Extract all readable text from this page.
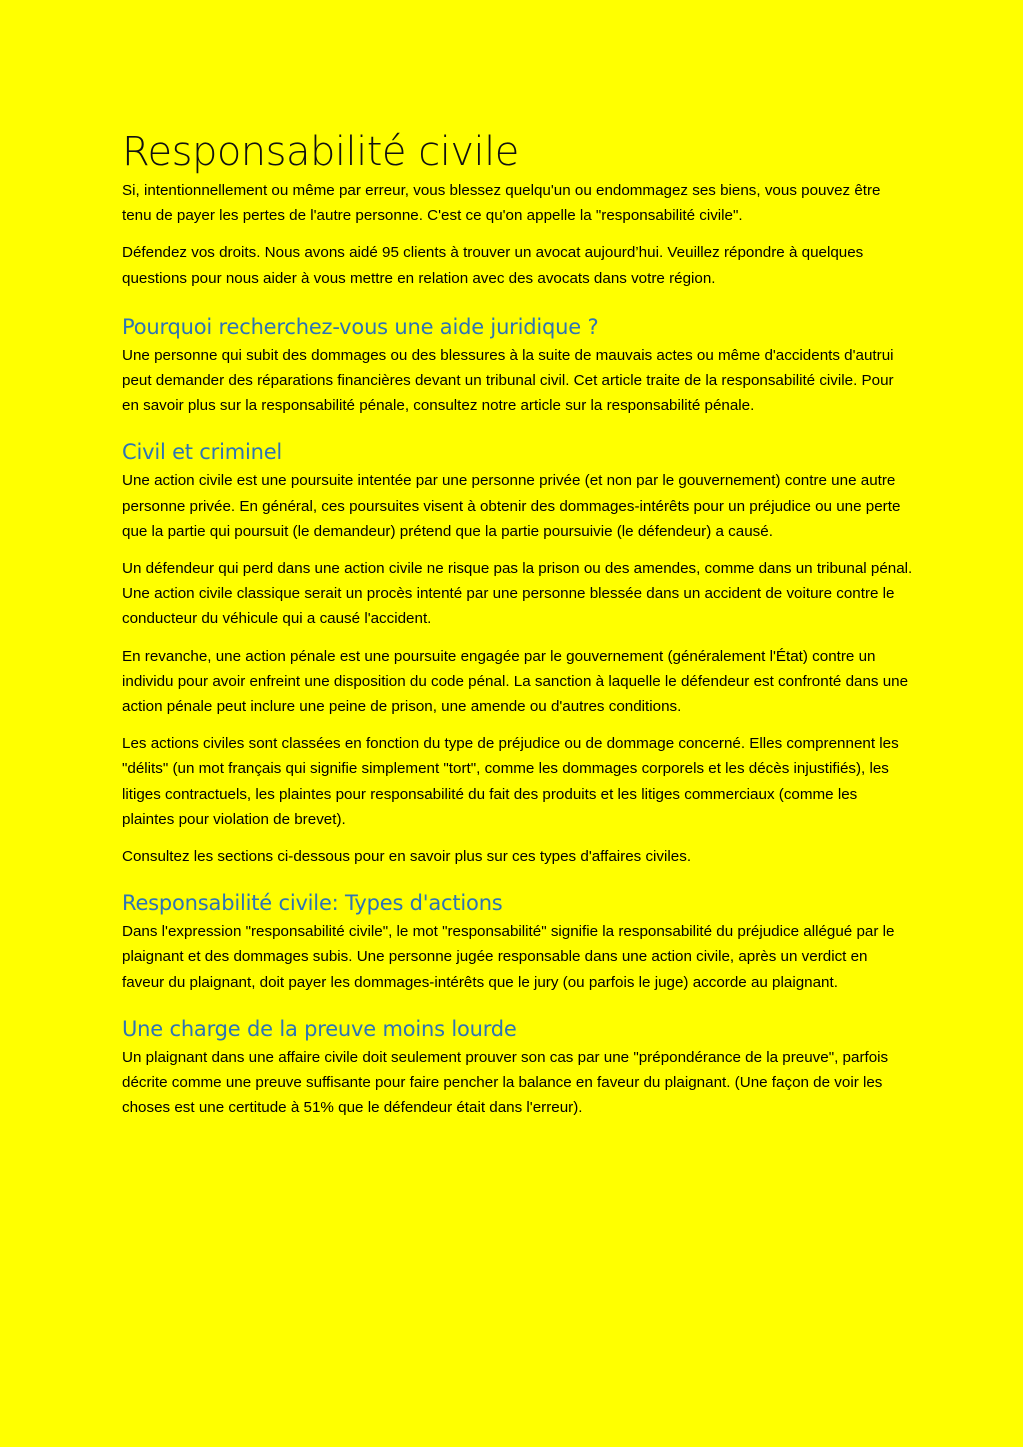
Responsabilité civile

Si, intentionnellement ou même par erreur, vous blessez quelqu'un ou endommagez ses biens, vous pouvez être tenu de payer les pertes de l'autre personne. C'est ce qu'on appelle la "responsabilité civile".

Défendez vos droits. Nous avons aidé 95 clients à trouver un avocat aujourd’hui. Veuillez répondre à quelques questions pour nous aider à vous mettre en relation avec des avocats dans votre région.

Pourquoi recherchez-vous une aide juridique ?

Une personne qui subit des dommages ou des blessures à la suite de mauvais actes ou même d'accidents d'autrui peut demander des réparations financières devant un tribunal civil. Cet article traite de la responsabilité civile. Pour en savoir plus sur la responsabilité pénale, consultez notre article sur la responsabilité pénale.

Civil et criminel

Une action civile est une poursuite intentée par une personne privée (et non par le gouvernement) contre une autre personne privée. En général, ces poursuites visent à obtenir des dommages-intérêts pour un préjudice ou une perte que la partie qui poursuit (le demandeur) prétend que la partie poursuivie (le défendeur) a causé.

Un défendeur qui perd dans une action civile ne risque pas la prison ou des amendes, comme dans un tribunal pénal. Une action civile classique serait un procès intenté par une personne blessée dans un accident de voiture contre le conducteur du véhicule qui a causé l'accident.

En revanche, une action pénale est une poursuite engagée par le gouvernement (généralement l'État) contre un individu pour avoir enfreint une disposition du code pénal. La sanction à laquelle le défendeur est confronté dans une action pénale peut inclure une peine de prison, une amende ou d'autres conditions.

Les actions civiles sont classées en fonction du type de préjudice ou de dommage concerné. Elles comprennent les "délits" (un mot français qui signifie simplement "tort", comme les dommages corporels et les décès injustifiés), les litiges contractuels, les plaintes pour responsabilité du fait des produits et les litiges commerciaux (comme les plaintes pour violation de brevet).

Consultez les sections ci-dessous pour en savoir plus sur ces types d'affaires civiles.

Responsabilité civile: Types d'actions

Dans l'expression "responsabilité civile", le mot "responsabilité" signifie la responsabilité du préjudice allégué par le plaignant et des dommages subis. Une personne jugée responsable dans une action civile, après un verdict en faveur du plaignant, doit payer les dommages-intérêts que le jury (ou parfois le juge) accorde au plaignant.

Une charge de la preuve moins lourde

Un plaignant dans une affaire civile doit seulement prouver son cas par une "prépondérance de la preuve", parfois décrite comme une preuve suffisante pour faire pencher la balance en faveur du plaignant. (Une façon de voir les choses est une certitude à 51% que le défendeur était dans l'erreur).
